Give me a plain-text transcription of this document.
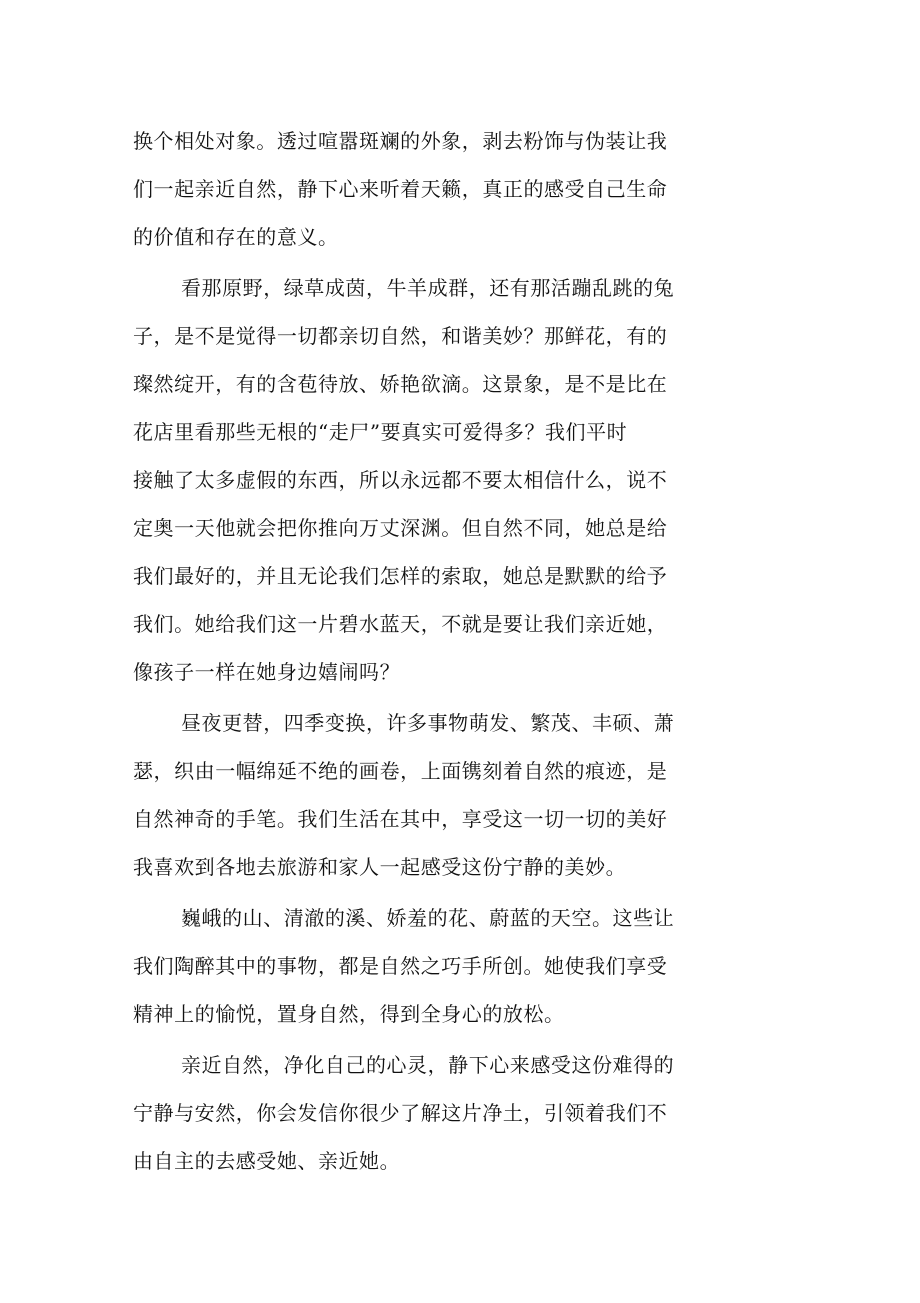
换个相处对象。透过喧嚣斑斓的外象，剥去粉饰与伪装让我
们一起亲近自然，静下心来听着天籁，真正的感受自己生命
的价值和存在的意义。
看那原野，绿草成茵，牛羊成群，还有那活蹦乱跳的兔
子，是不是觉得一切都亲切自然，和谐美妙？那鲜花，有的
璨然绽开，有的含苞待放、娇艳欲滴。这景象，是不是比在
花店里看那些无根的“走尸”要真实可爱得多？我们平时
接触了太多虚假的东西，所以永远都不要太相信什么，说不
定奥一天他就会把你推向万丈深渊。但自然不同，她总是给
我们最好的，并且无论我们怎样的索取，她总是默默的给予
我们。她给我们这一片碧水蓝天，不就是要让我们亲近她，
像孩子一样在她身边嬉闹吗？
昼夜更替，四季变换，许多事物萌发、繁茂、丰硕、萧
瑟，织由一幅绵延不绝的画卷，上面镌刻着自然的痕迹，是
自然神奇的手笔。我们生活在其中，享受这一切一切的美好
我喜欢到各地去旅游和家人一起感受这份宁静的美妙。
巍峨的山、清澈的溪、娇羞的花、蔚蓝的天空。这些让
我们陶醉其中的事物，都是自然之巧手所创。她使我们享受
精神上的愉悦，置身自然，得到全身心的放松。
亲近自然，净化自己的心灵，静下心来感受这份难得的
宁静与安然，你会发信你很少了解这片净土，引领着我们不
由自主的去感受她、亲近她。
